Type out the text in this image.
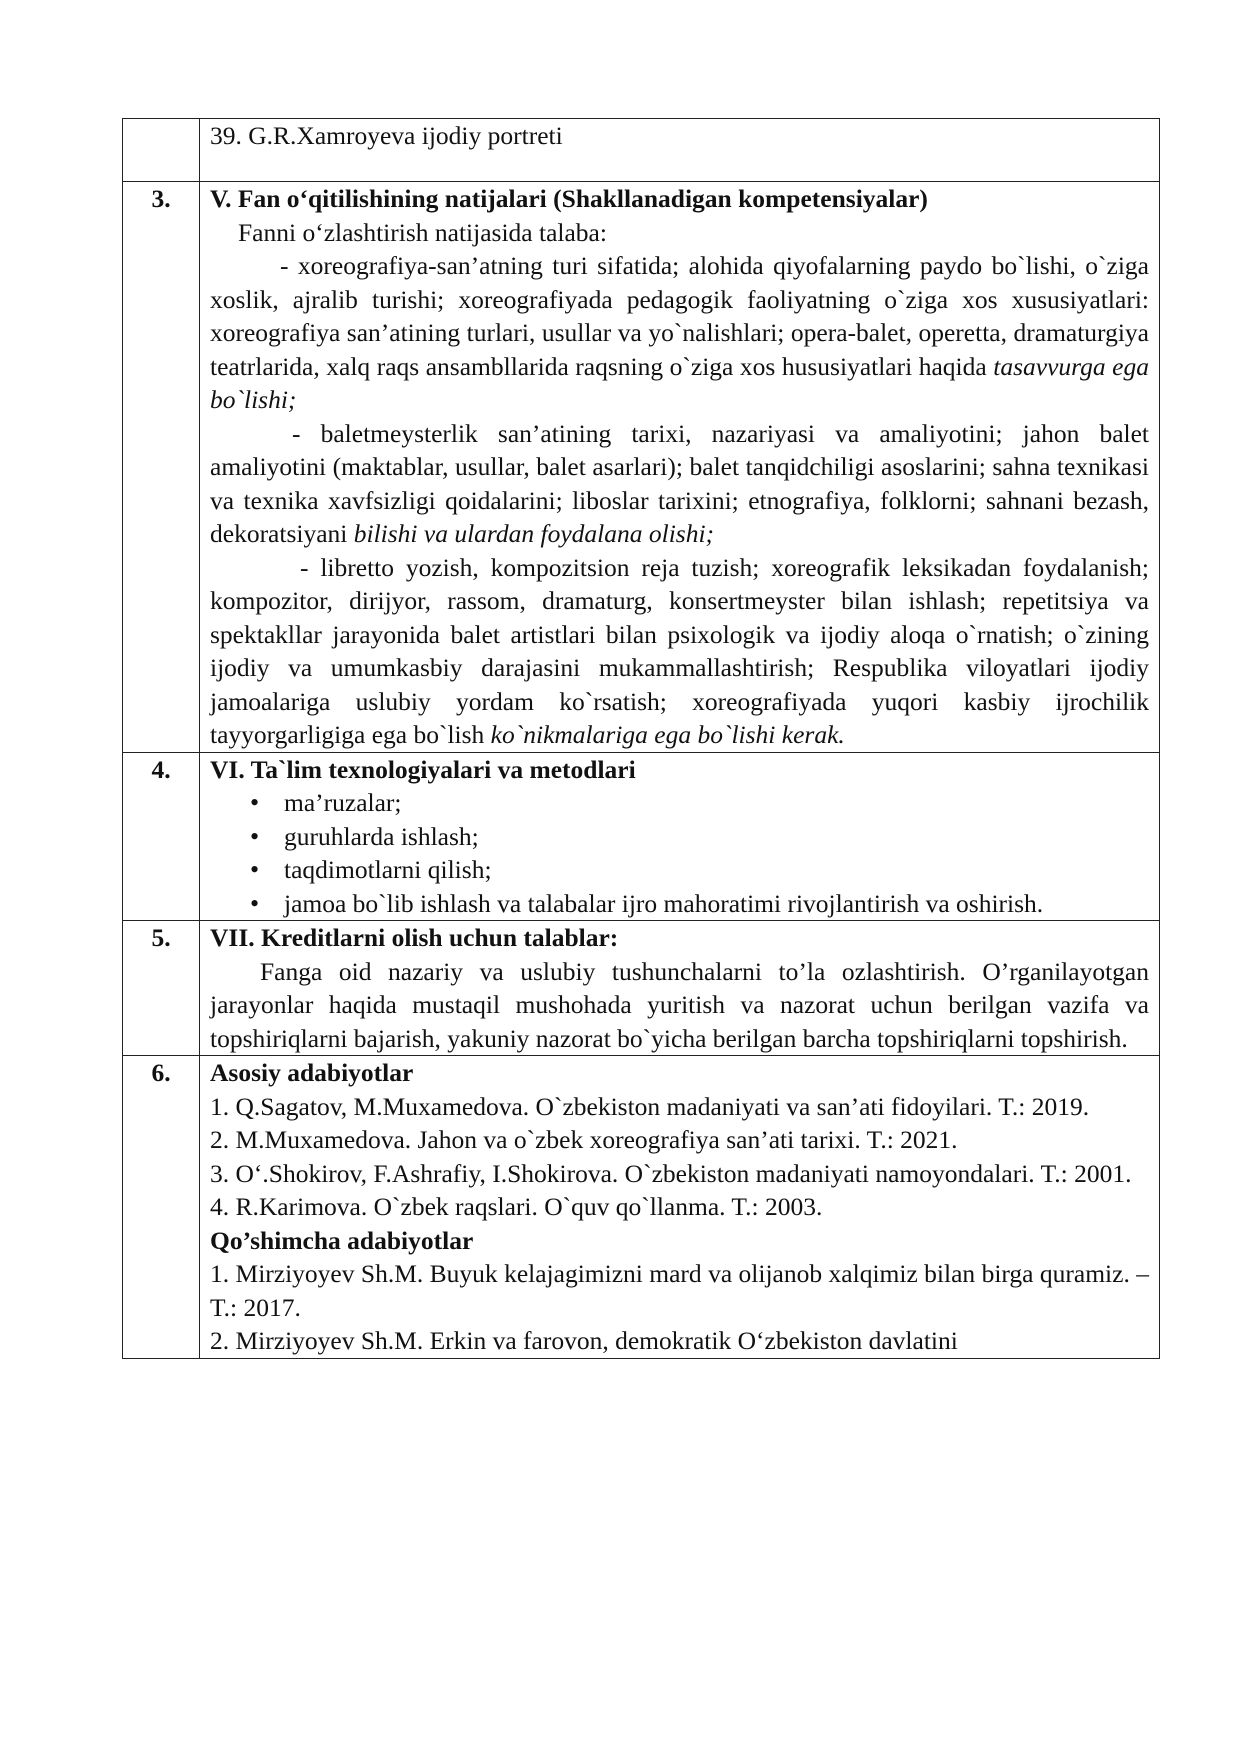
	39. G.R.Xamroyeva ijodiy portreti

3.	V. Fan o‘qitilishining natijalari (Shakllanadigan kompetensiyalar)

Fanni o‘zlashtirish natijasida talaba:

- xoreografiya-san’atning turi sifatida; alohida qiyofalarning paydo bo`lishi, o`ziga xoslik, ajralib turishi; xoreografiyada pedagogik faoliyatning o`ziga xos xususiyatlari: xoreografiya san’atining turlari, usullar va yo`nalishlari; opera-balet, operetta, dramaturgiya teatrlarida, xalq raqs ansambllarida raqsning o`ziga xos hususiyatlari haqida tasavvurga ega bo`lishi;

- baletmeysterlik san’atining tarixi, nazariyasi va amaliyotini; jahon balet amaliyotini (maktablar, usullar, balet asarlari); balet tanqidchiligi asoslarini; sahna texnikasi va texnika xavfsizligi qoidalarini; liboslar tarixini; etnografiya, folklorni; sahnani bezash, dekoratsiyani bilishi va ulardan foydalana olishi;

- libretto yozish, kompozitsion reja tuzish; xoreografik leksikadan foydalanish; kompozitor, dirijyor, rassom, dramaturg, konsertmeyster bilan ishlash; repetitsiya va spektakllar jarayonida balet artistlari bilan psixologik va ijodiy aloqa o`rnatish; o`zining ijodiy va umumkasbiy darajasini mukammallashtirish; Respublika viloyatlari ijodiy jamoalariga uslubiy yordam ko`rsatish; xoreografiyada yuqori kasbiy ijrochilik tayyorgarligiga ega bo`lish ko`nikmalariga ega bo`lishi kerak.

4.	VI. Ta`lim texnologiyalari va metodlari

• ma’ruzalar;
• guruhlarda ishlash;
• taqdimotlarni qilish;
• jamoa bo`lib ishlash va talabalar ijro mahoratimi rivojlantirish va oshirish.

5.	VII. Kreditlarni olish uchun talablar:

Fanga oid nazariy va uslubiy tushunchalarni to’la ozlashtirish. O’rganilayotgan jarayonlar haqida mustaqil mushohada yuritish va nazorat uchun berilgan vazifa va topshiriqlarni bajarish, yakuniy nazorat bo`yicha berilgan barcha topshiriqlarni topshirish.

6.	Asosiy adabiyotlar

1. Q.Sagatov, M.Muxamedova. O`zbekiston madaniyati va san’ati fidoyilari. T.: 2019.

2. M.Muxamedova. Jahon va o`zbek xoreografiya san’ati tarixi. T.: 2021.

3. O‘.Shokirov, F.Ashrafiy, I.Shokirova. O`zbekiston madaniyati namoyondalari. T.: 2001.

4. R.Karimova. O`zbek raqslari. O`quv qo`llanma. T.: 2003.

Qo’shimcha adabiyotlar

1. Mirziyoyev Sh.M. Buyuk kelajagimizni mard va olijanob xalqimiz bilan birga quramiz. – T.: 2017.

2. Mirziyoyev Sh.M. Erkin va farovon, demokratik O‘zbekiston davlatini
